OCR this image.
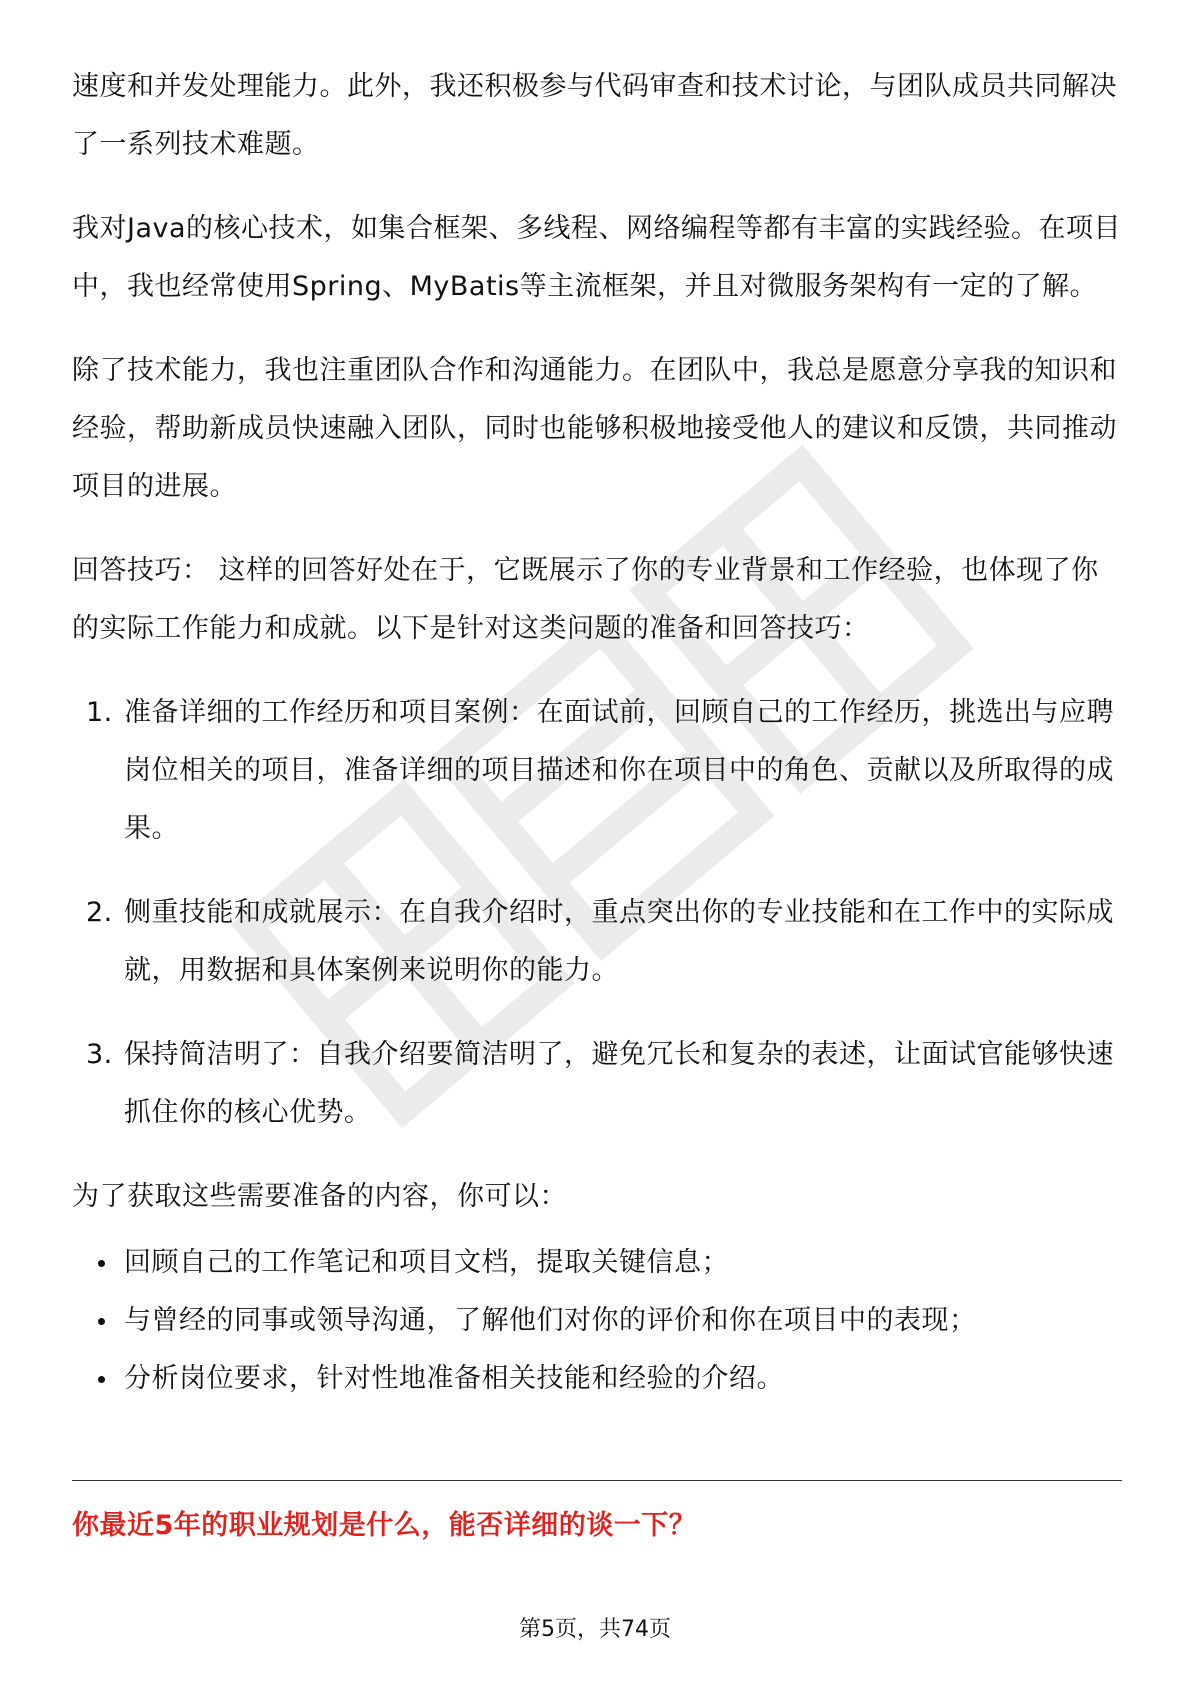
速度和并发处理能力。此外，我还积极参与代码审查和技术讨论，与团队成员共同解决了一系列技术难题。

我对Java的核心技术，如集合框架、多线程、网络编程等都有丰富的实践经验。在项目中，我也经常使用Spring、MyBatis等主流框架，并且对微服务架构有一定的了解。

除了技术能力，我也注重团队合作和沟通能力。在团队中，我总是愿意分享我的知识和经验，帮助新成员快速融入团队，同时也能够积极地接受他人的建议和反馈，共同推动项目的进展。

回答技巧： 这样的回答好处在于，它既展示了你的专业背景和工作经验，也体现了你的实际工作能力和成就。以下是针对这类问题的准备和回答技巧：

1. 准备详细的工作经历和项目案例：在面试前，回顾自己的工作经历，挑选出与应聘岗位相关的项目，准备详细的项目描述和你在项目中的角色、贡献以及所取得的成果。
2. 侧重技能和成就展示：在自我介绍时，重点突出你的专业技能和在工作中的实际成就，用数据和具体案例来说明你的能力。
3. 保持简洁明了：自我介绍要简洁明了，避免冗长和复杂的表述，让面试官能够快速抓住你的核心优势。

为了获取这些需要准备的内容，你可以：

回顾自己的工作笔记和项目文档，提取关键信息；
与曾经的同事或领导沟通，了解他们对你的评价和你在项目中的表现；
分析岗位要求，针对性地准备相关技能和经验的介绍。
你最近5年的职业规划是什么，能否详细的谈一下？
第5页，共74页
